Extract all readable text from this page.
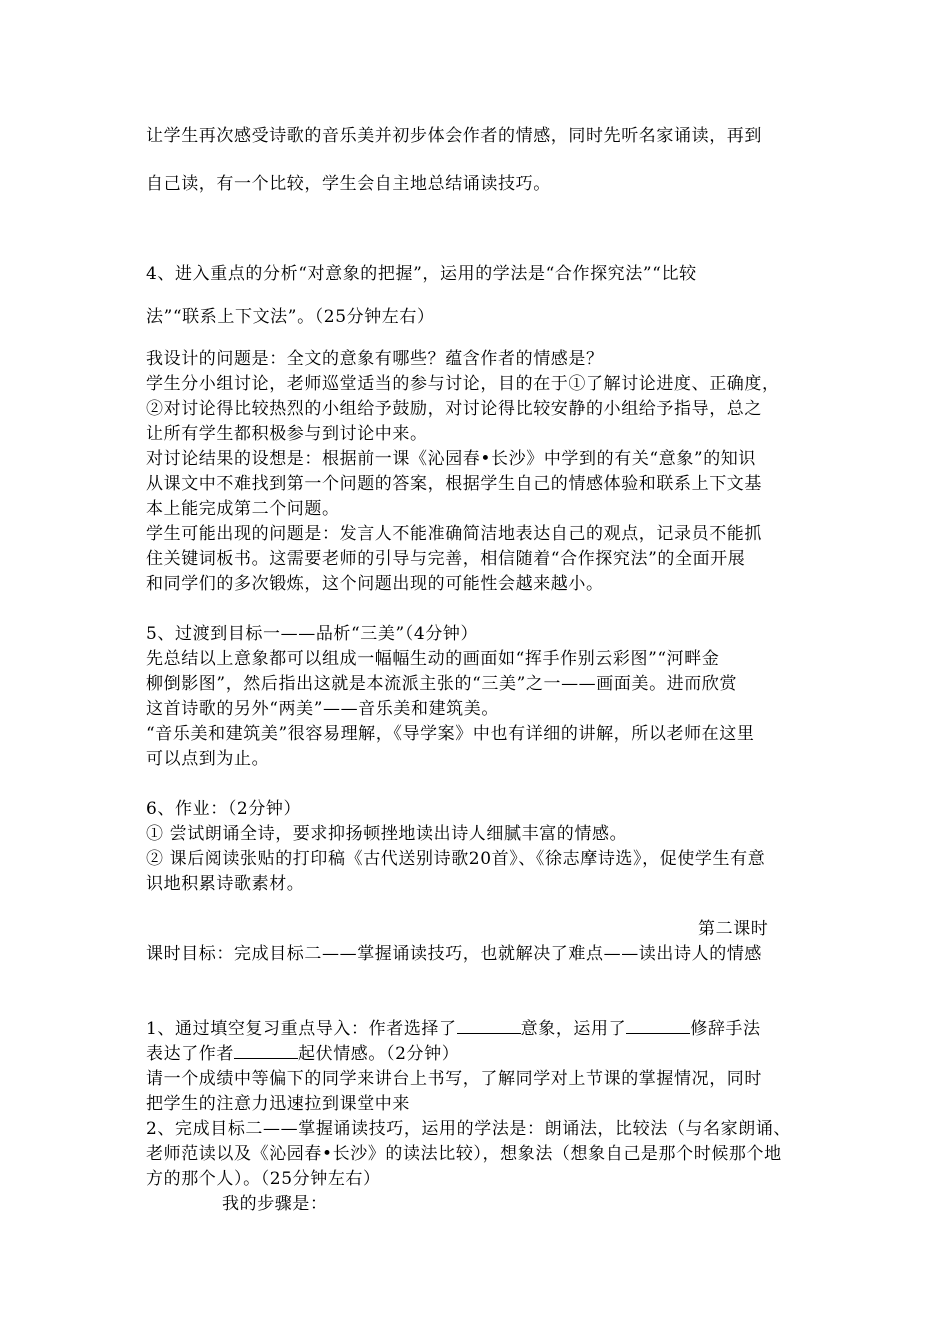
让学生再次感受诗歌的音乐美并初步体会作者的情感，同时先听名家诵读，再到
自己读，有一个比较，学生会自主地总结诵读技巧。
4、进入重点的分析“对意象的把握”，运用的学法是“合作探究法”“比较
法”“联系上下文法”。（25分钟左右）
我设计的问题是：全文的意象有哪些？蕴含作者的情感是？
学生分小组讨论，老师巡堂适当的参与讨论，目的在于①了解讨论进度、正确度，
②对讨论得比较热烈的小组给予鼓励，对讨论得比较安静的小组给予指导，总之
让所有学生都积极参与到讨论中来。
对讨论结果的设想是：根据前一课《沁园春•长沙》中学到的有关“意象”的知识
从课文中不难找到第一个问题的答案，根据学生自己的情感体验和联系上下文基
本上能完成第二个问题。
学生可能出现的问题是：发言人不能准确简洁地表达自己的观点，记录员不能抓
住关键词板书。这需要老师的引导与完善，相信随着“合作探究法”的全面开展
和同学们的多次锻炼，这个问题出现的可能性会越来越小。
5、过渡到目标一——品析“三美”（4分钟）
先总结以上意象都可以组成一幅幅生动的画面如“挥手作别云彩图”“河畔金
柳倒影图”，然后指出这就是本流派主张的“三美”之一——画面美。进而欣赏
这首诗歌的另外“两美”——音乐美和建筑美。
“音乐美和建筑美”很容易理解，《导学案》中也有详细的讲解，所以老师在这里
可以点到为止。
6、作业：（2分钟）
① 尝试朗诵全诗，要求抑扬顿挫地读出诗人细腻丰富的情感。
② 课后阅读张贴的打印稿《古代送别诗歌20首》、《徐志摩诗选》，促使学生有意
识地积累诗歌素材。
第二课时
课时目标：完成目标二——掌握诵读技巧，也就解决了难点——读出诗人的情感
1、通过填空复习重点导入：作者选择了	意象，运用了	修辞手法
表达了作者	起伏情感。（2分钟）
请一个成绩中等偏下的同学来讲台上书写，了解同学对上节课的掌握情况，同时
把学生的注意力迅速拉到课堂中来
2、完成目标二——掌握诵读技巧，运用的学法是：朗诵法，比较法（与名家朗诵、
老师范读以及《沁园春•长沙》的读法比较），想象法（想象自己是那个时候那个地
方的那个人）。（25分钟左右）
我的步骤是：
